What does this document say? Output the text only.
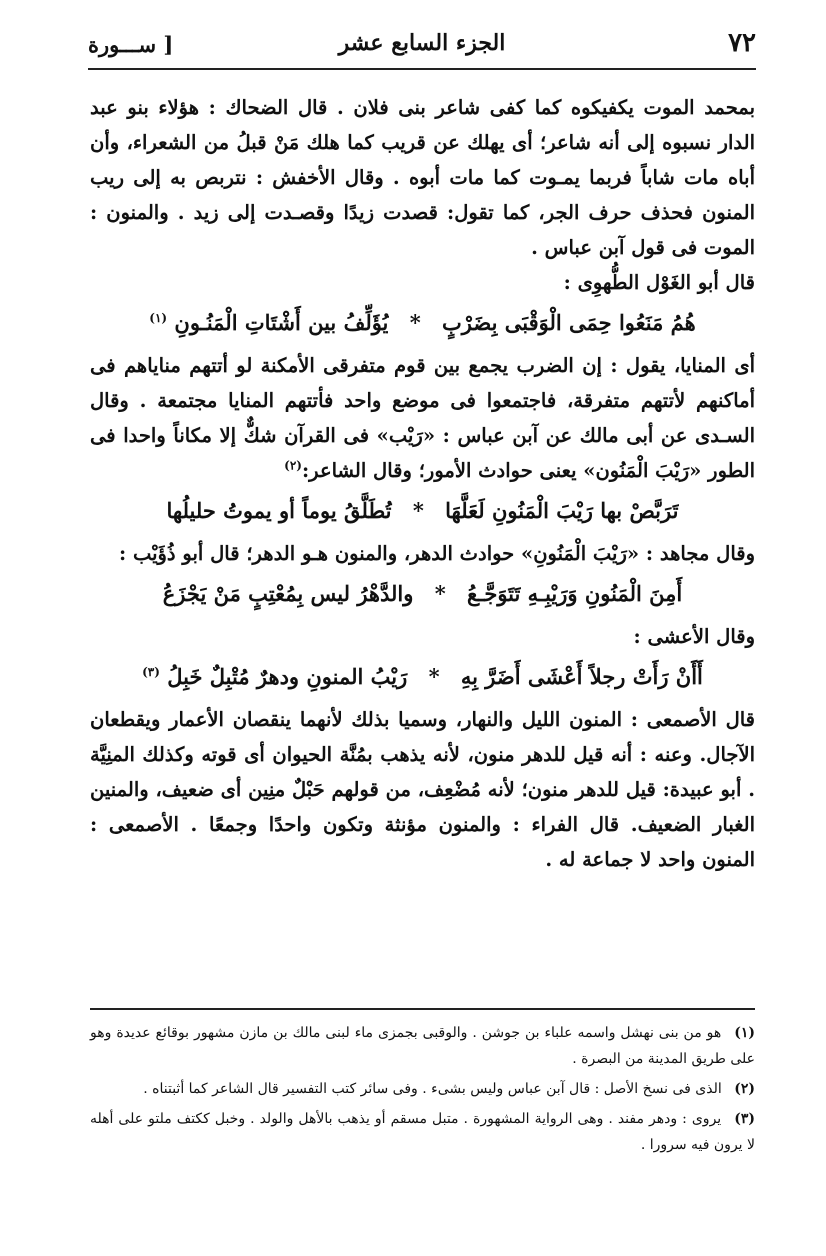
٧٢
الجزء السابع عشر
[ ســـورة

بمحمد الموت يكفيكوه كما كفى شاعر بنى فلان . قال الضحاك : هؤلاء بنو عبد الدار نسبوه إلى أنه شاعر؛ أى يهلك عن قريب كما هلك مَنْ قبلُ من الشعراء، وأن أباه مات شاباً فربما يمـوت كما مات أبوه . وقال الأخفش : نتربص به إلى ريب المنون فحذف حرف الجر، كما تقول: قصدت زيدًا وقصـدت إلى زيد . والمنون : الموت فى قول آبن عباس .

قال أبو الغَوْل الطُّهوِى :

هُمُ مَنَعُوا حِمَى الْوَقْبَى بِضَرْبٍ * يُؤَلِّفُ بين أَشْتَاتِ الْمَنُـونِ $^{(١)}$

أى المنايا، يقول : إن الضرب يجمع بين قوم متفرقى الأمكنة لو أتتهم مناياهم فى أماكنهم لأتتهم متفرقة، فاجتمعوا فى موضع واحد فأتتهم المنايا مجتمعة . وقال السـدى عن أبى مالك عن آبن عباس : «رَيْب» فى القرآن شكٌّ إلا مكاناً واحدا فى الطور «رَيْبَ الْمَنُون» يعنى حوادث الأمور؛ وقال الشاعر:$^{(٢)}$

تَرَبَّصْ بها رَيْبَ الْمَنُونِ لَعَلَّهَا * تُطَلَّقُ يوماً أو يموتُ حليلُها

وقال مجاهد : «رَيْبَ الْمَنُونِ» حوادث الدهر، والمنون هـو الدهر؛ قال أبو ذُؤَيْب :

أَمِنَ الْمَنُونِ وَرَيْبِـهِ تَتَوَجَّـعُ * والدَّهْرُ ليس بِمُعْتِبٍ مَنْ يَجْزَعُ

وقال الأعشى :

أَأَنْ رَأَتْ رجلاً أَعْشَى أَضَرَّ بِهِ * رَيْبُ المنونِ ودهرٌ مُتْبِلٌ خَبِلُ $^{(٣)}$

قال الأصمعى : المنون الليل والنهار، وسميا بذلك لأنهما ينقصان الأعمار ويقطعان الآجال. وعنه : أنه قيل للدهر منون، لأنه يذهب بمُنَّة الحيوان أى قوته وكذلك المنِيَّة . أبو عبيدة: قيل للدهر منون؛ لأنه مُضْعِف، من قولهم حَبْلٌ منِين أى ضعيف، والمنين الغبار الضعيف. قال الفراء : والمنون مؤنثة وتكون واحدًا وجمعًا . الأصمعى : المنون واحد لا جماعة له .

(١) هو من بنى نهشل واسمه علباء بن جوشن . والوقبى بجمزى ماء لبنى مالك بن مازن مشهور بوقائع عديدة وهو على طريق المدينة من البصرة .

(٢) الذى فى نسخ الأصل : قال آبن عباس وليس بشىء . وفى سائر كتب التفسير قال الشاعر كما أثبتناه .

(٣) يروى : ودهر مفند . وهى الرواية المشهورة . متبل مسقم أو يذهب بالأهل والولد . وخبل ككتف ملتو على أهله لا يرون فيه سرورا .
